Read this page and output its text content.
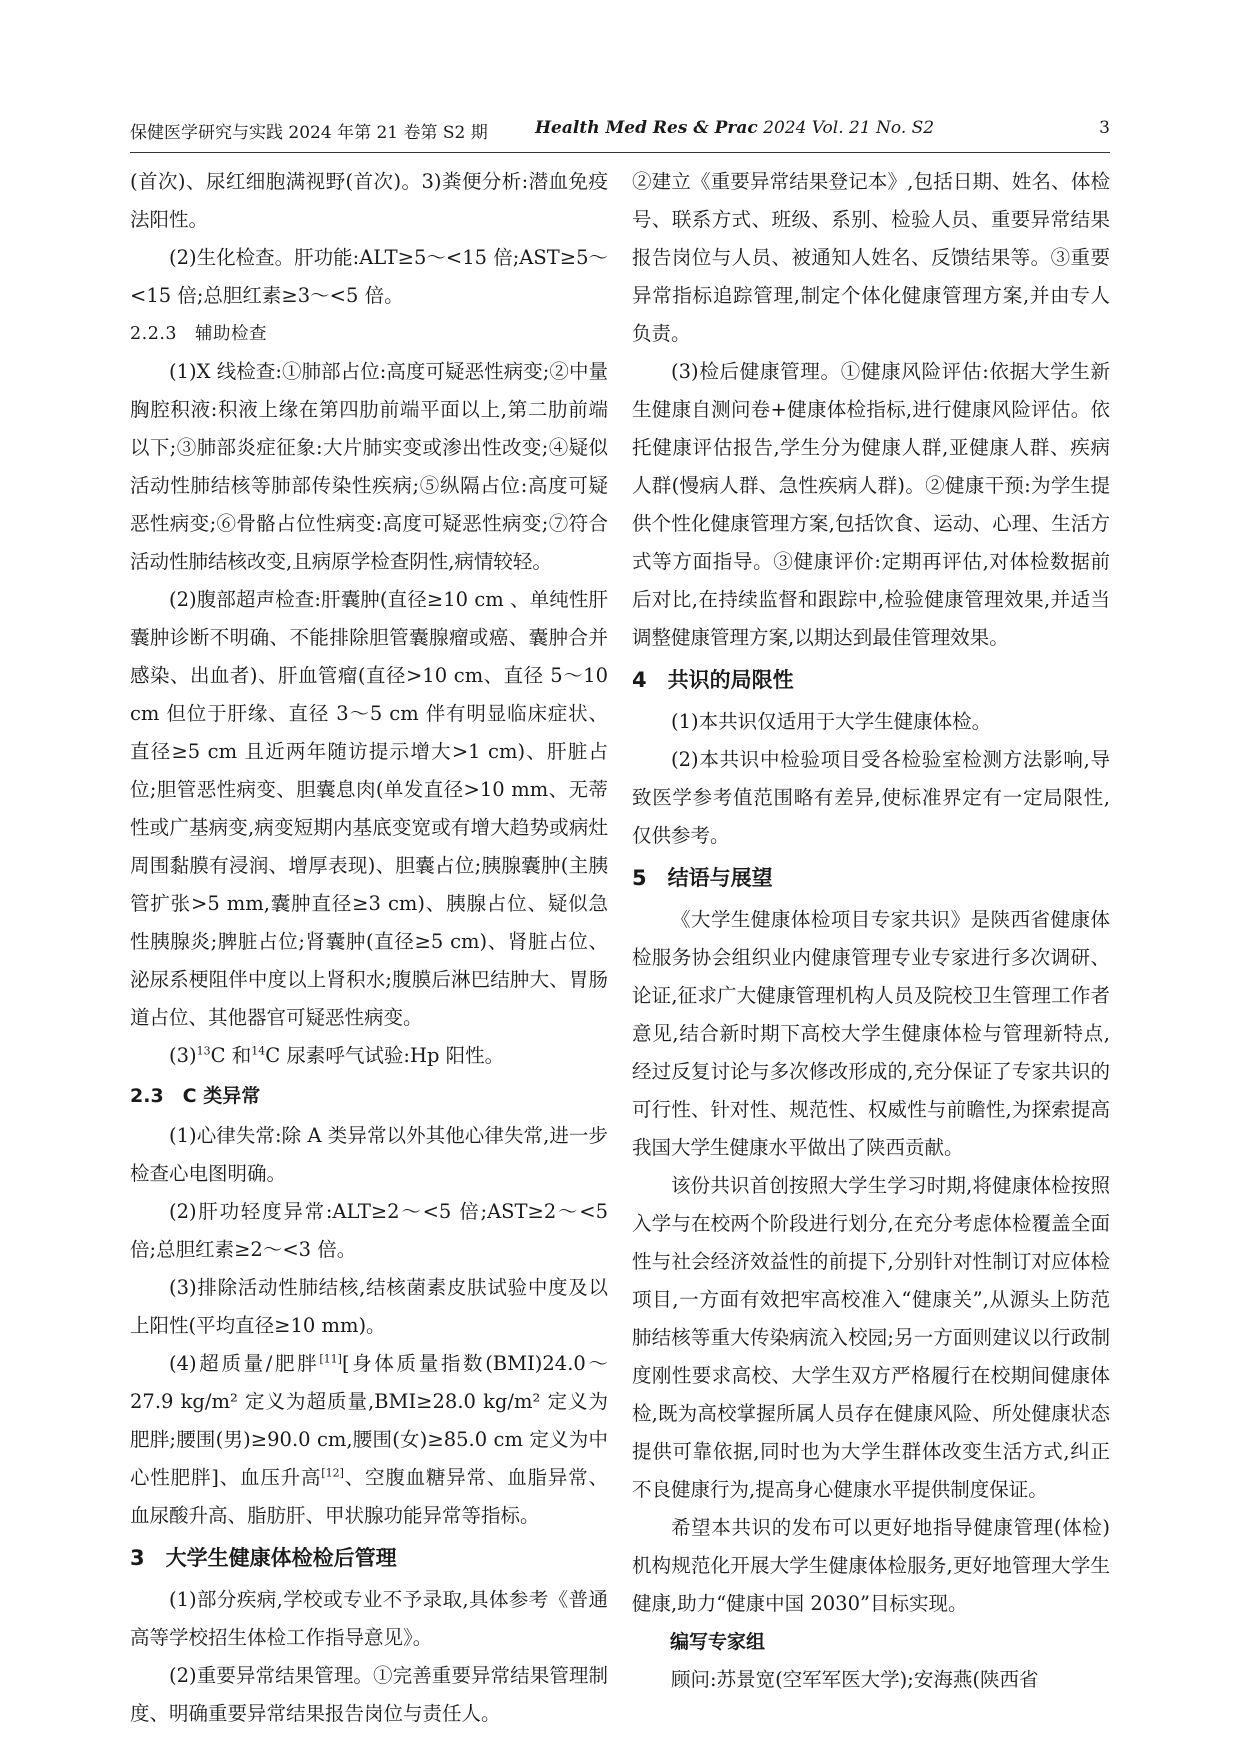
保健医学研究与实践 2024 年第 21 卷第 S2 期	Health Med Res & Prac 2024 Vol. 21 No. S2	3

(首次)、尿红细胞满视野(首次)。3)粪便分析:潜血免疫法阳性。

(2)生化检查。肝功能:ALT≥5～<15 倍;AST≥5～<15 倍;总胆红素≥3～<5 倍。

2.2.3　辅助检查

(1)X 线检查:①肺部占位:高度可疑恶性病变;②中量胸腔积液:积液上缘在第四肋前端平面以上,第二肋前端以下;③肺部炎症征象:大片肺实变或渗出性改变;④疑似活动性肺结核等肺部传染性疾病;⑤纵隔占位:高度可疑恶性病变;⑥骨骼占位性病变:高度可疑恶性病变;⑦符合活动性肺结核改变,且病原学检查阴性,病情较轻。

(2)腹部超声检查:肝囊肿(直径≥10 cm 、单纯性肝囊肿诊断不明确、不能排除胆管囊腺瘤或癌、囊肿合并感染、出血者)、肝血管瘤(直径>10 cm、直径 5～10 cm 但位于肝缘、直径 3～5 cm 伴有明显临床症状、直径≥5 cm 且近两年随访提示增大>1 cm)、肝脏占位;胆管恶性病变、胆囊息肉(单发直径>10 mm、无蒂性或广基病变,病变短期内基底变宽或有增大趋势或病灶周围黏膜有浸润、增厚表现)、胆囊占位;胰腺囊肿(主胰管扩张>5 mm,囊肿直径≥3 cm)、胰腺占位、疑似急性胰腺炎;脾脏占位;肾囊肿(直径≥5 cm)、肾脏占位、泌尿系梗阻伴中度以上肾积水;腹膜后淋巴结肿大、胃肠道占位、其他器官可疑恶性病变。

$(3)^{13}C$ 和$^{14}$C 尿素呼气试验:Hp 阳性。

2.3　C 类异常

(1)心律失常:除 A 类异常以外其他心律失常,进一步检查心电图明确。

(2)肝功轻度异常:ALT≥2～<5 倍;AST≥2～<5 倍;总胆红素≥2～<3 倍。

(3)排除活动性肺结核,结核菌素皮肤试验中度及以上阳性(平均直径≥10 mm)。

(4)超质量/肥胖[11][身体质量指数(BMI)24.0～27.9 kg/m² 定义为超质量,BMI≥28.0 kg/m² 定义为肥胖;腰围(男)≥90.0 cm,腰围(女)≥85.0 cm 定义为中心性肥胖]、血压升高[12]、空腹血糖异常、血脂异常、血尿酸升高、脂肪肝、甲状腺功能异常等指标。

3　大学生健康体检检后管理

(1)部分疾病,学校或专业不予录取,具体参考《普通高等学校招生体检工作指导意见》。

(2)重要异常结果管理。①完善重要异常结果管理制度、明确重要异常结果报告岗位与责任人。

②建立《重要异常结果登记本》,包括日期、姓名、体检号、联系方式、班级、系别、检验人员、重要异常结果报告岗位与人员、被通知人姓名、反馈结果等。③重要异常指标追踪管理,制定个体化健康管理方案,并由专人负责。

(3)检后健康管理。①健康风险评估:依据大学生新生健康自测问卷+健康体检指标,进行健康风险评估。依托健康评估报告,学生分为健康人群,亚健康人群、疾病人群(慢病人群、急性疾病人群)。②健康干预:为学生提供个性化健康管理方案,包括饮食、运动、心理、生活方式等方面指导。③健康评价:定期再评估,对体检数据前后对比,在持续监督和跟踪中,检验健康管理效果,并适当调整健康管理方案,以期达到最佳管理效果。

4　共识的局限性

(1)本共识仅适用于大学生健康体检。

(2)本共识中检验项目受各检验室检测方法影响,导致医学参考值范围略有差异,使标准界定有一定局限性,仅供参考。

5　结语与展望

《大学生健康体检项目专家共识》是陕西省健康体检服务协会组织业内健康管理专业专家进行多次调研、论证,征求广大健康管理机构人员及院校卫生管理工作者意见,结合新时期下高校大学生健康体检与管理新特点,经过反复讨论与多次修改形成的,充分保证了专家共识的可行性、针对性、规范性、权威性与前瞻性,为探索提高我国大学生健康水平做出了陕西贡献。

该份共识首创按照大学生学习时期,将健康体检按照入学与在校两个阶段进行划分,在充分考虑体检覆盖全面性与社会经济效益性的前提下,分别针对性制订对应体检项目,一方面有效把牢高校准入“健康关”,从源头上防范肺结核等重大传染病流入校园;另一方面则建议以行政制度刚性要求高校、大学生双方严格履行在校期间健康体检,既为高校掌握所属人员存在健康风险、所处健康状态提供可靠依据,同时也为大学生群体改变生活方式,纠正不良健康行为,提高身心健康水平提供制度保证。

希望本共识的发布可以更好地指导健康管理(体检)机构规范化开展大学生健康体检服务,更好地管理大学生健康,助力“健康中国 2030”目标实现。

编写专家组

顾问:苏景宽(空军军医大学);安海燕(陕西省
